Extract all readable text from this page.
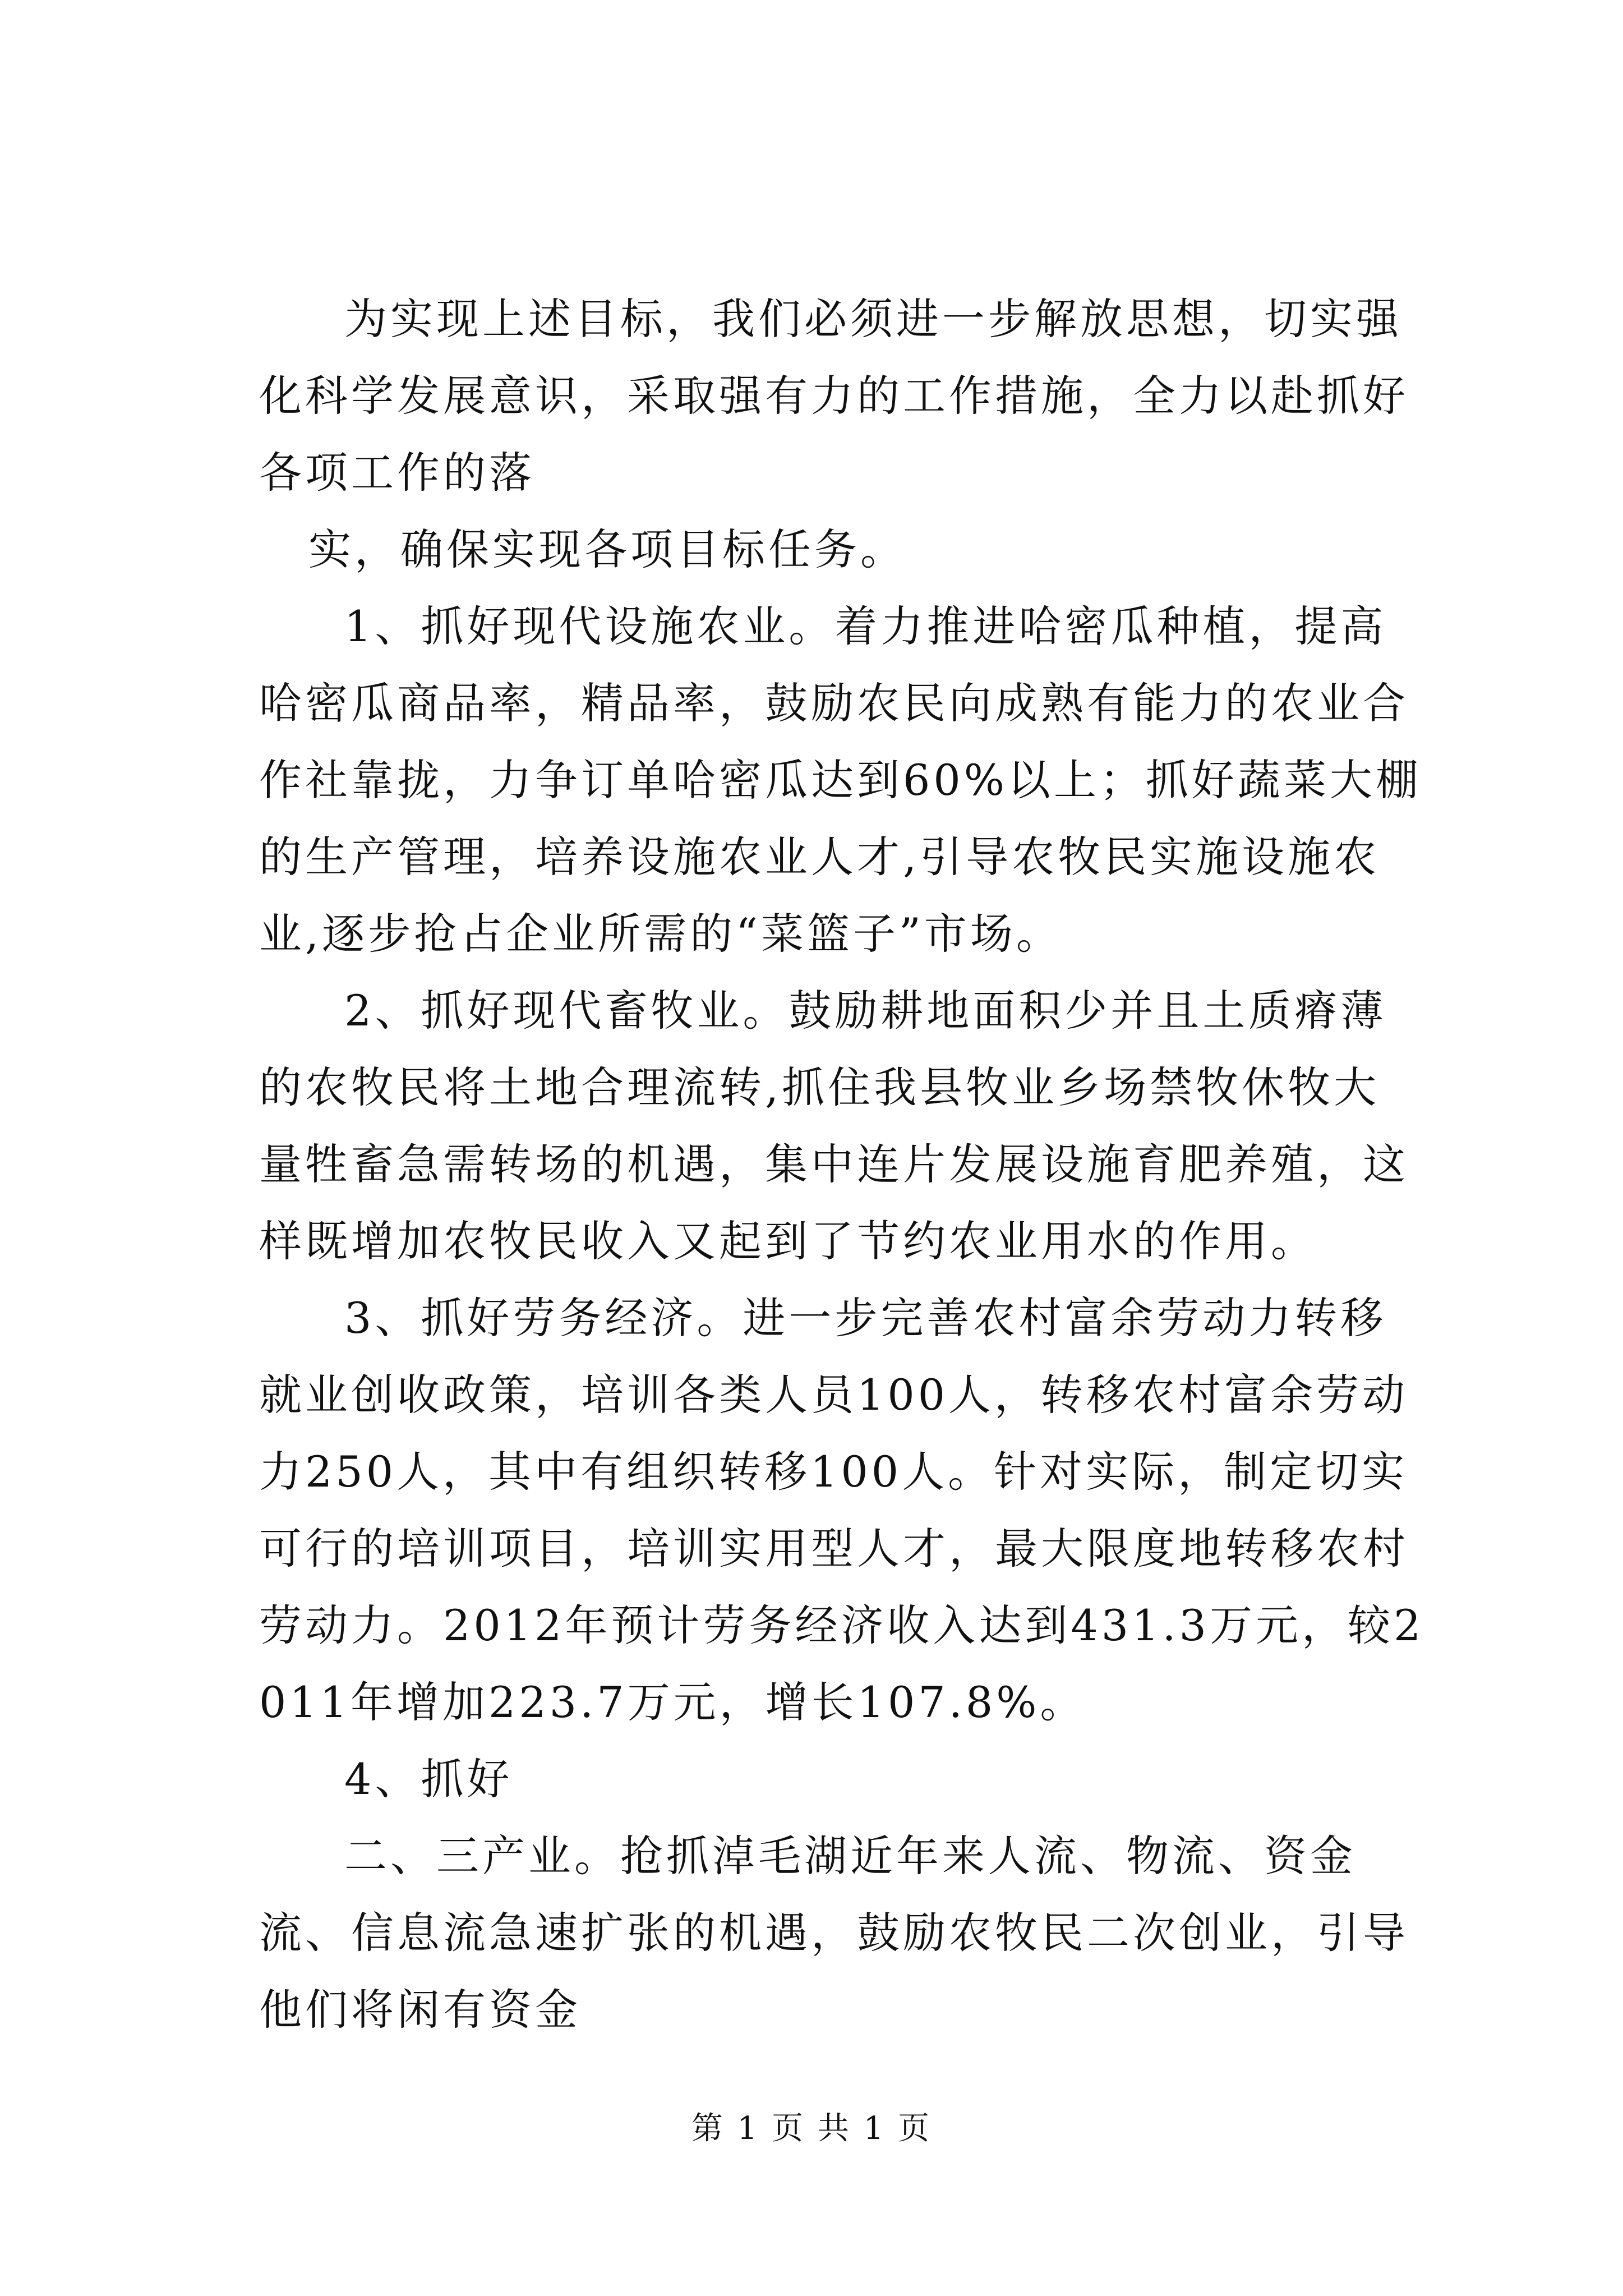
为实现上述目标，我们必须进一步解放思想，切实强化科学发展意识，采取强有力的工作措施，全力以赴抓好各项工作的落

实，确保实现各项目标任务。

1、抓好现代设施农业。着力推进哈密瓜种植，提高哈密瓜商品率，精品率，鼓励农民向成熟有能力的农业合作社靠拢，力争订单哈密瓜达到60%以上；抓好蔬菜大棚的生产管理，培养设施农业人才,引导农牧民实施设施农业,逐步抢占企业所需的“菜篮子”市场。

2、抓好现代畜牧业。鼓励耕地面积少并且土质瘠薄的农牧民将土地合理流转,抓住我县牧业乡场禁牧休牧大量牲畜急需转场的机遇，集中连片发展设施育肥养殖，这样既增加农牧民收入又起到了节约农业用水的作用。

3、抓好劳务经济。进一步完善农村富余劳动力转移就业创收政策，培训各类人员100人，转移农村富余劳动力250人，其中有组织转移100人。针对实际，制定切实可行的培训项目，培训实用型人才，最大限度地转移农村劳动力。2012年预计劳务经济收入达到431.3万元，较2011年增加223.7万元，增长107.8%。

4、抓好

二、三产业。抢抓淖毛湖近年来人流、物流、资金流、信息流急速扩张的机遇，鼓励农牧民二次创业，引导他们将闲有资金

第 1 页 共 1 页
